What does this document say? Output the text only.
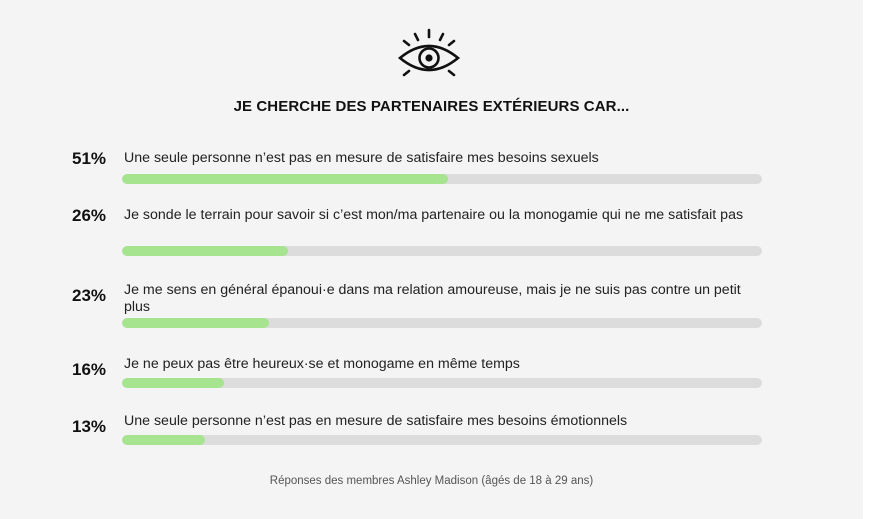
JE CHERCHE DES PARTENAIRES EXTÉRIEURS CAR...
51%	Une seule personne n’est pas en mesure de satisfaire mes besoins sexuels
26%	Je sonde le terrain pour savoir si c’est mon/ma partenaire ou la monogamie qui ne me satisfait pas
23%	Je me sens en général épanoui·e dans ma relation amoureuse, mais je ne suis pas contre un petit plus
16%	Je ne peux pas être heureux·se et monogame en même temps
13%	Une seule personne n’est pas en mesure de satisfaire mes besoins émotionnels
Réponses des membres Ashley Madison (âgés de 18 à 29 ans)
